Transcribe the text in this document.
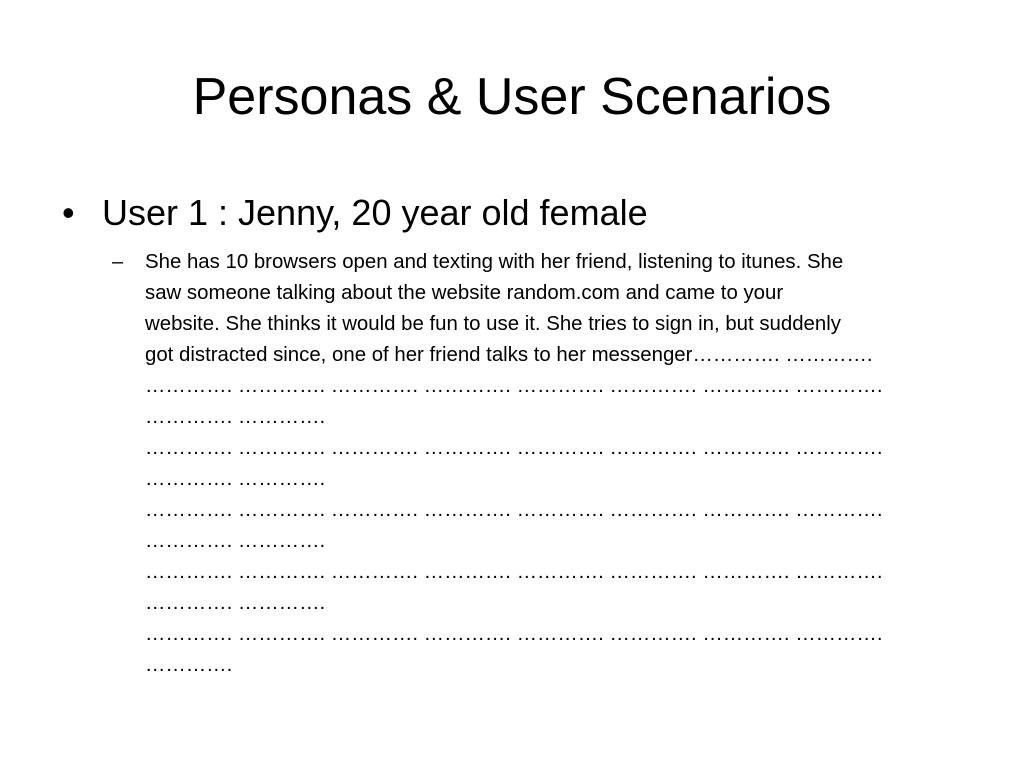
Personas & User Scenarios
• User 1 : Jenny, 20 year old female
–	She has 10 browsers open and texting with her friend, listening to itunes. She
saw someone talking about the website random.com and came to your
website. She thinks it would be fun to use it. She tries to sign in, but suddenly
got distracted since, one of her friend talks to her messenger…………. ………….
…………. …………. …………. …………. …………. …………. …………. …………. …………. ………….
…………. …………. …………. …………. …………. …………. …………. …………. …………. ………….
…………. …………. …………. …………. …………. …………. …………. …………. …………. ………….
…………. …………. …………. …………. …………. …………. …………. …………. …………. ………….
…………. …………. …………. …………. …………. …………. …………. …………. ………….
